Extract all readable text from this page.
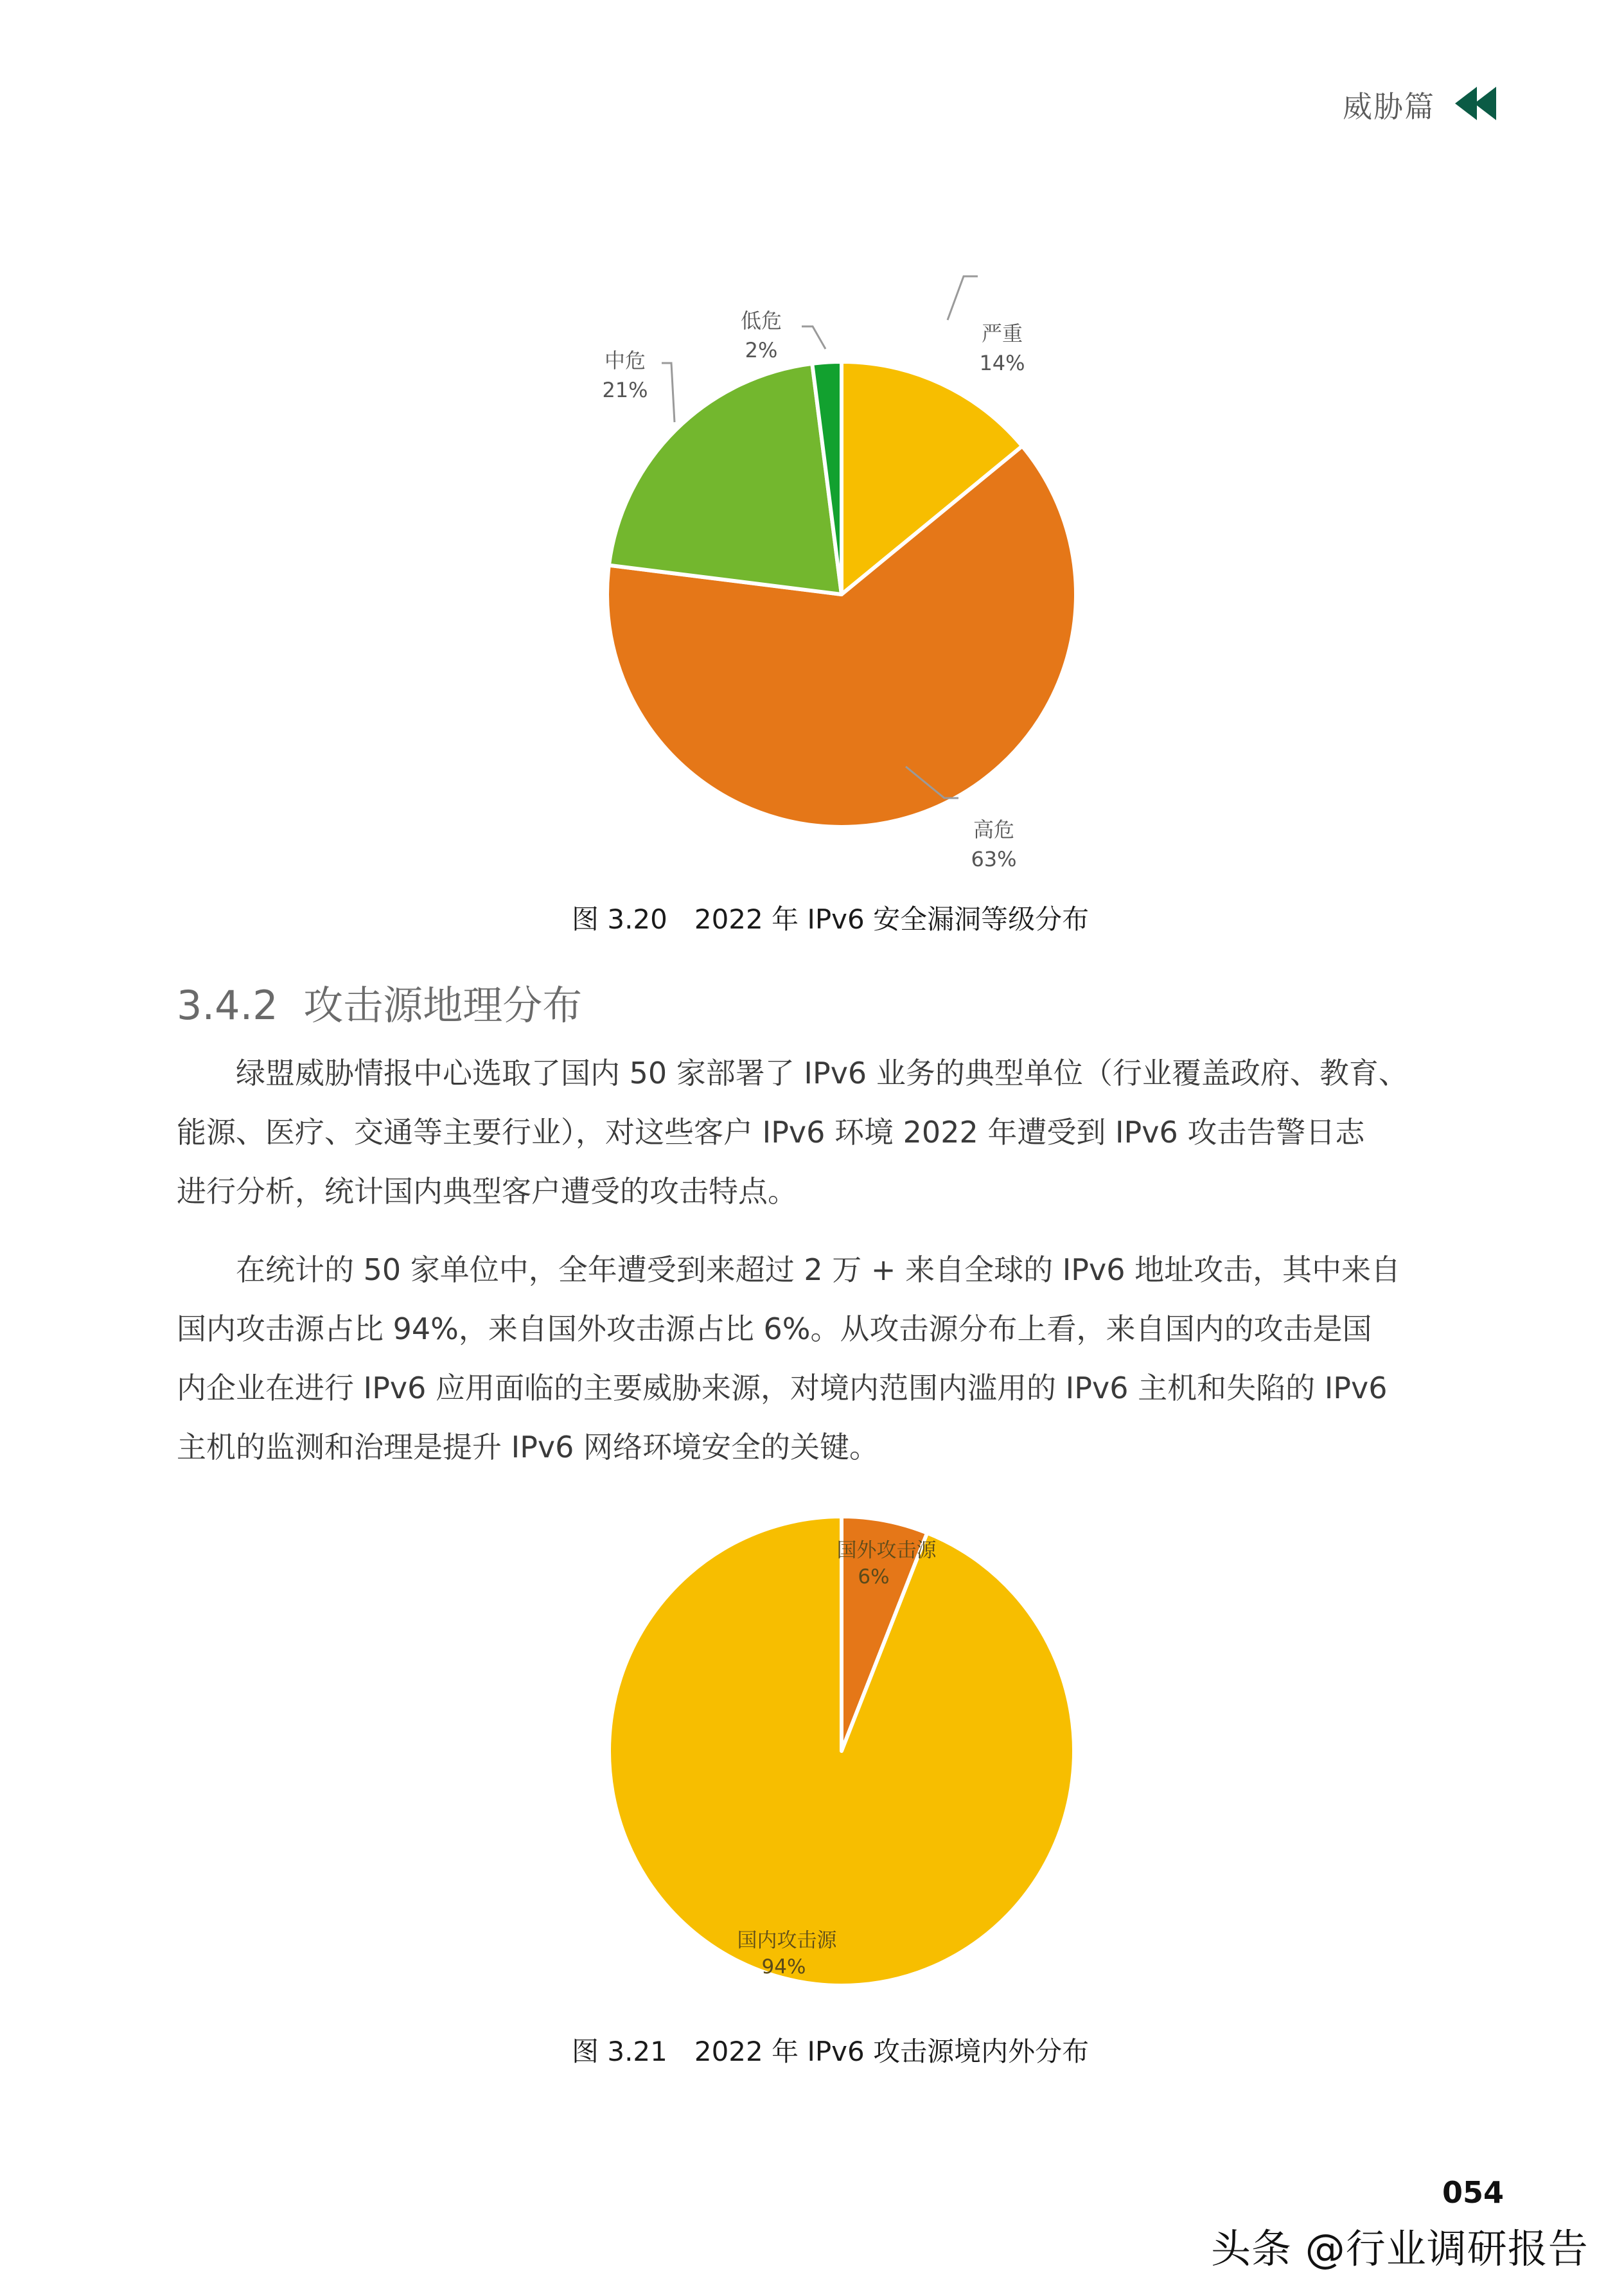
威胁篇
严重
14%
低危
2%
中危
21%
高危
63%
图 3.20　2022 年 IPv6 安全漏洞等级分布
3.4.2 攻击源地理分布
绿盟威胁情报中心选取了国内 50 家部署了 IPv6 业务的典型单位（行业覆盖政府、教育、
能源、医疗、交通等主要行业），对这些客户 IPv6 环境 2022 年遭受到 IPv6 攻击告警日志
进行分析，统计国内典型客户遭受的攻击特点。
在统计的 50 家单位中，全年遭受到来超过 2 万 + 来自全球的 IPv6 地址攻击，其中来自
国内攻击源占比 94%，来自国外攻击源占比 6%。从攻击源分布上看，来自国内的攻击是国
内企业在进行 IPv6 应用面临的主要威胁来源，对境内范围内滥用的 IPv6 主机和失陷的 IPv6
主机的监测和治理是提升 IPv6 网络环境安全的关键。
国外攻击源
6%
国内攻击源
94%
图 3.21　2022 年 IPv6 攻击源境内外分布
054
头条 @行业调研报告
